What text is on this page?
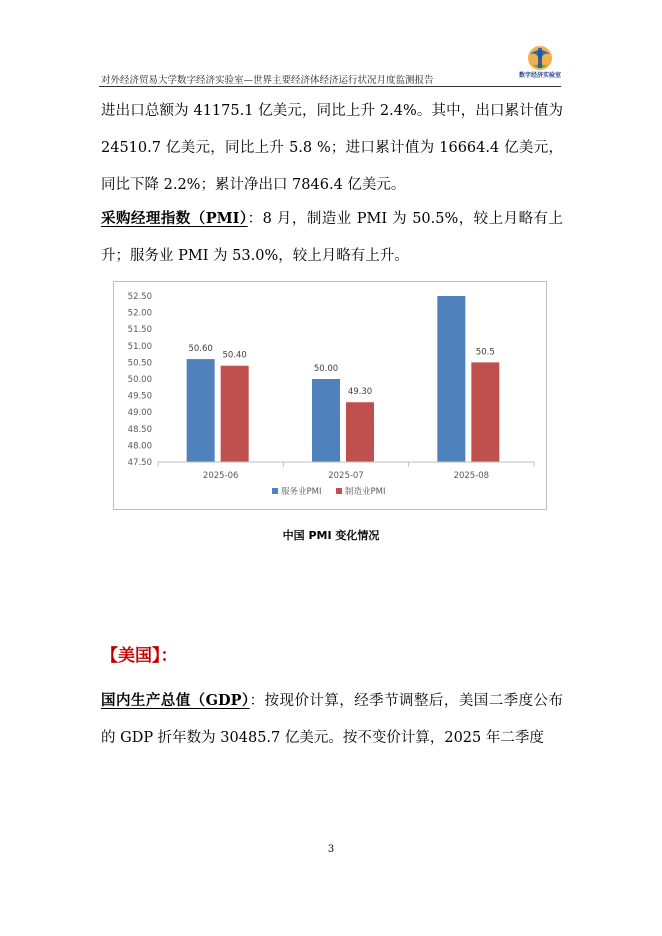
对外经济贸易大学数字经济实验室—世界主要经济体经济运行状况月度监测报告	数字经济实验室
进出口总额为 41175.1 亿美元，同比上升 2.4%。其中，出口累计值为 24510.7 亿美元，同比上升 5.8 %；进口累计值为 16664.4 亿美元，同比下降 2.2%；累计净出口 7846.4 亿美元。
采购经理指数（PMI）：8 月，制造业 PMI 为 50.5%，较上月略有上升；服务业 PMI 为 53.0%，较上月略有上升。
47.50
48.00
48.50
49.00
49.50
50.00
50.50
51.00
51.50
52.00
52.50
50.60
50.40
50.00
49.30
50.5
2025-06	2025-07	2025-08
服务业PMI	制造业PMI
中国 PMI 变化情况
【美国】：
国内生产总值（GDP）：按现价计算，经季节调整后，美国二季度公布的 GDP 折年数为 30485.7 亿美元。按不变价计算，2025 年二季度
3
